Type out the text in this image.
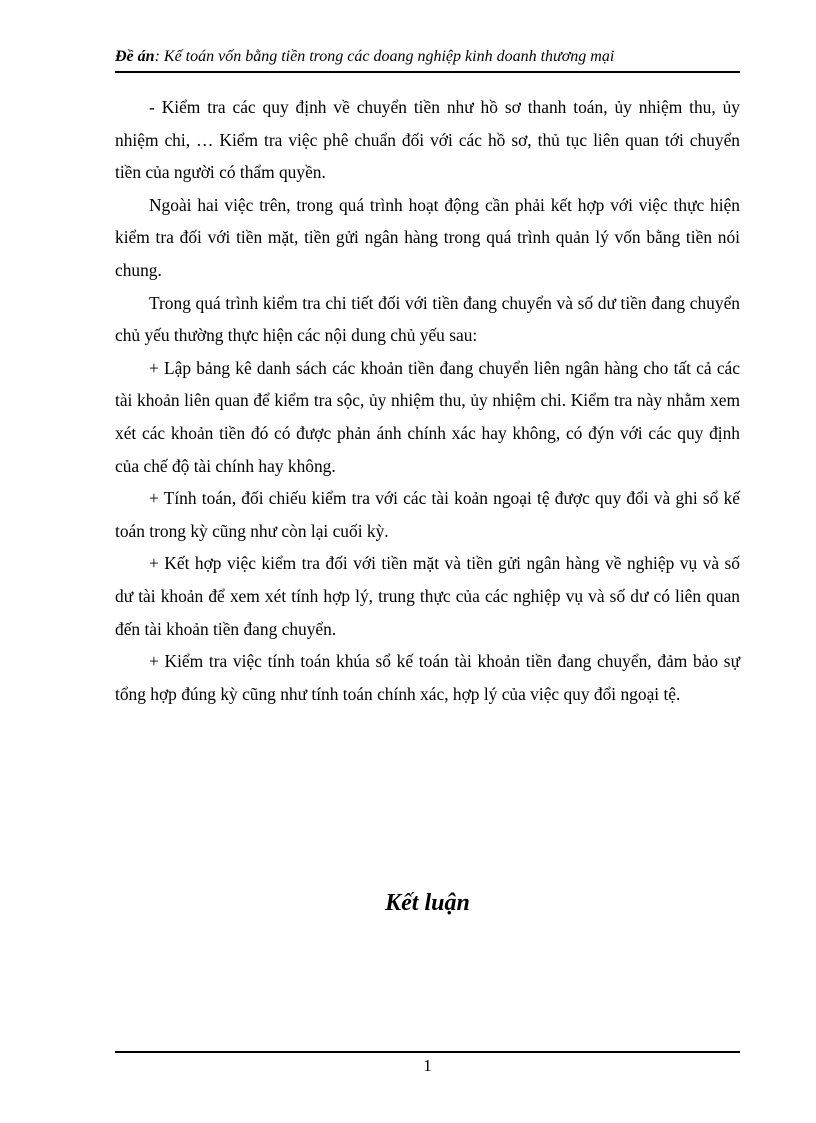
Đề án: Kế toán vốn bằng tiền trong các doang nghiệp kinh doanh thương mại

- Kiểm tra các quy định về chuyển tiền như hồ sơ thanh toán, ủy nhiệm thu, ủy nhiệm chi, … Kiểm tra việc phê chuẩn đối với các hồ sơ, thủ tục liên quan tới chuyển tiền của người có thẩm quyền.

Ngoài hai việc trên, trong quá trình hoạt động cần phải kết hợp với việc thực hiện kiểm tra đối với tiền mặt, tiền gửi ngân hàng trong quá trình quản lý vốn bằng tiền nói chung.

Trong quá trình kiểm tra chi tiết đối với tiền đang chuyển và số dư tiền đang chuyển chủ yếu thường thực hiện các nội dung chủ yếu sau:

+ Lập bảng kê danh sách các khoản tiền đang chuyển liên ngân hàng cho tất cả các tài khoản liên quan để kiểm tra sộc, ủy nhiệm thu, ủy nhiệm chi. Kiểm tra này nhằm xem xét các khoản tiền đó có được phản ánh chính xác hay không, có đýn với các quy định của chế độ tài chính hay không.

+ Tính toán, đối chiếu kiểm tra với các tài koản ngoại tệ được quy đổi và ghi sổ kế toán trong kỳ cũng như còn lại cuối kỳ.

+ Kết hợp việc kiểm tra đối với tiền mặt và tiền gửi ngân hàng về nghiệp vụ và số dư tài khoản để xem xét tính hợp lý, trung thực của các nghiệp vụ và số dư có liên quan đến tài khoản tiền đang chuyển.

+ Kiểm tra việc tính toán khúa sổ kế toán tài khoản tiền đang chuyển, đảm bảo sự tổng hợp đúng kỳ cũng như tính toán chính xác, hợp lý của việc quy đổi ngoại tệ.

Kết luận
1
